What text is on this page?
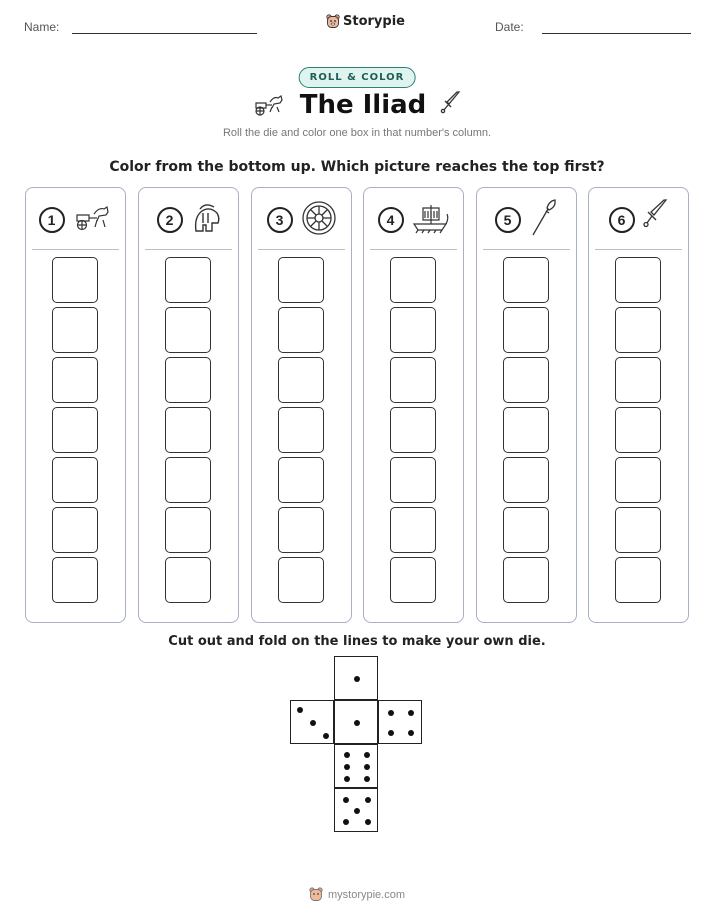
Name:	Storypie	Date:
ROLL & COLOR
The Iliad
Roll the die and color one box in that number's column.
Color from the bottom up. Which picture reaches the top first?
1	2	3	4	5	6
Cut out and fold on the lines to make your own die.
mystorypie.com
